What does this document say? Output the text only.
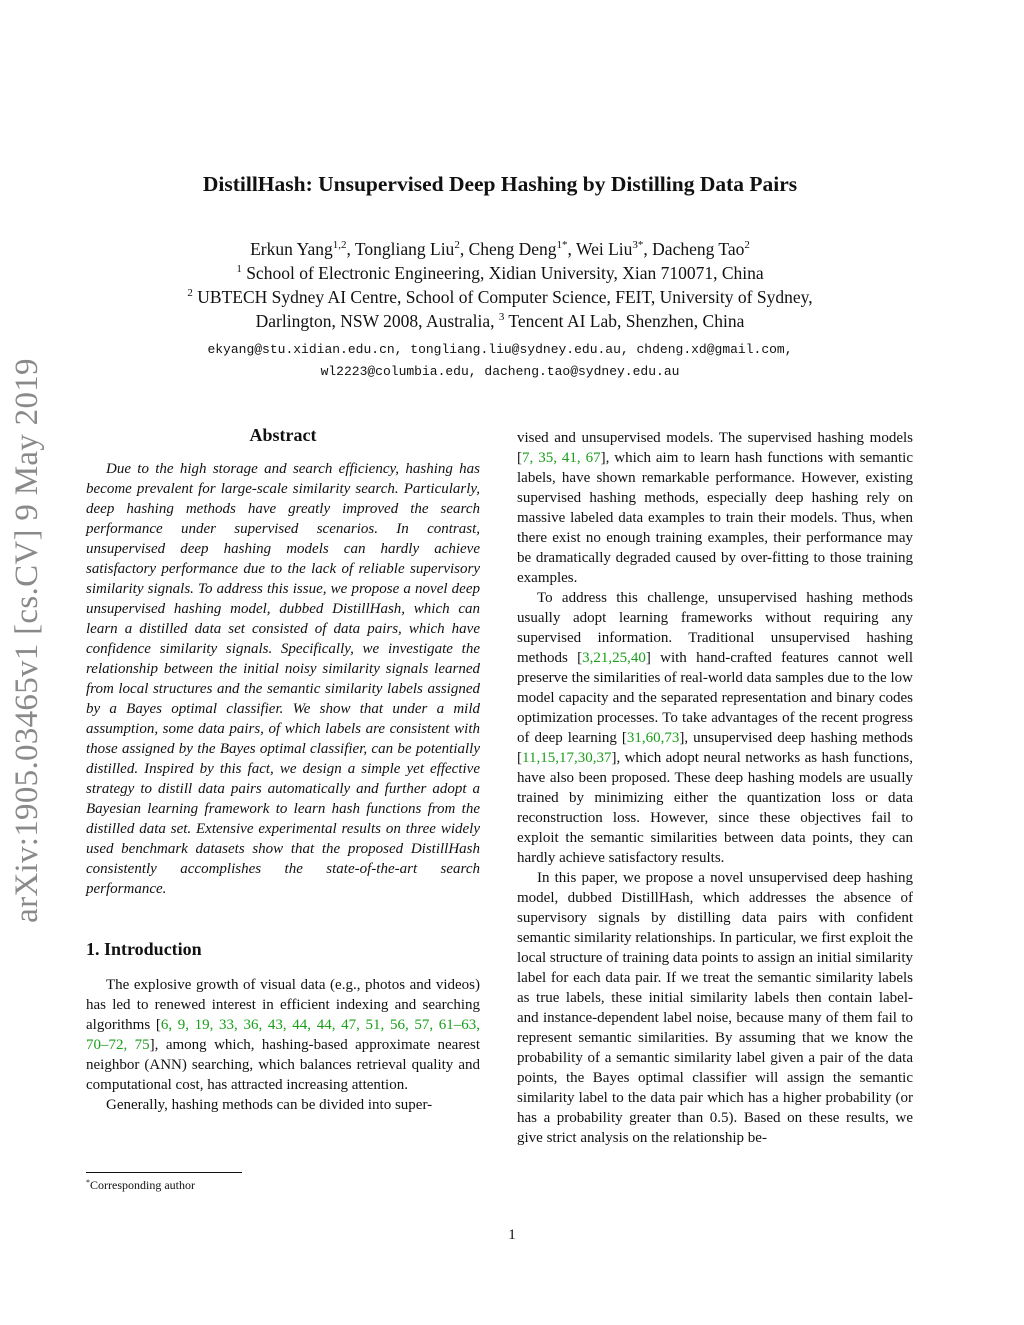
arXiv:1905.03465v1 [cs.CV] 9 May 2019
DistillHash: Unsupervised Deep Hashing by Distilling Data Pairs
Erkun Yang$^{1,2}$, Tongliang Liu$^2$, Cheng Deng$^{1*}$, Wei Liu$^{3*}$, Dacheng Tao$^2$
$^1$ School of Electronic Engineering, Xidian University, Xian 710071, China
$^2$ UBTECH Sydney AI Centre, School of Computer Science, FEIT, University of Sydney,
Darlington, NSW 2008, Australia, $^3$ Tencent AI Lab, Shenzhen, China
ekyang@stu.xidian.edu.cn, tongliang.liu@sydney.edu.au, chdeng.xd@gmail.com,
wl2223@columbia.edu, dacheng.tao@sydney.edu.au
Abstract

Due to the high storage and search efficiency, hashing has become prevalent for large-scale similarity search. Particularly, deep hashing methods have greatly improved the search performance under supervised scenarios. In contrast, unsupervised deep hashing models can hardly achieve satisfactory performance due to the lack of reliable supervisory similarity signals. To address this issue, we propose a novel deep unsupervised hashing model, dubbed DistillHash, which can learn a distilled data set consisted of data pairs, which have confidence similarity signals. Specifically, we investigate the relationship between the initial noisy similarity signals learned from local structures and the semantic similarity labels assigned by a Bayes optimal classifier. We show that under a mild assumption, some data pairs, of which labels are consistent with those assigned by the Bayes optimal classifier, can be potentially distilled. Inspired by this fact, we design a simple yet effective strategy to distill data pairs automatically and further adopt a Bayesian learning framework to learn hash functions from the distilled data set. Extensive experimental results on three widely used benchmark datasets show that the proposed DistillHash consistently accomplishes the state-of-the-art search performance.

1. Introduction

The explosive growth of visual data (e.g., photos and videos) has led to renewed interest in efficient indexing and searching algorithms [6, 9, 19, 33, 36, 43, 44, 44, 47, 51, 56, 57, 61–63, 70–72, 75], among which, hashing-based approximate nearest neighbor (ANN) searching, which balances retrieval quality and computational cost, has attracted increasing attention.

Generally, hashing methods can be divided into super-

vised and unsupervised models. The supervised hashing models [7, 35, 41, 67], which aim to learn hash functions with semantic labels, have shown remarkable performance. However, existing supervised hashing methods, especially deep hashing rely on massive labeled data examples to train their models. Thus, when there exist no enough training examples, their performance may be dramatically degraded caused by over-fitting to those training examples.

To address this challenge, unsupervised hashing methods usually adopt learning frameworks without requiring any supervised information. Traditional unsupervised hashing methods [3,21,25,40] with hand-crafted features cannot well preserve the similarities of real-world data samples due to the low model capacity and the separated representation and binary codes optimization processes. To take advantages of the recent progress of deep learning [31,60,73], unsupervised deep hashing methods [11,15,17,30,37], which adopt neural networks as hash functions, have also been proposed. These deep hashing models are usually trained by minimizing either the quantization loss or data reconstruction loss. However, since these objectives fail to exploit the semantic similarities between data points, they can hardly achieve satisfactory results.

In this paper, we propose a novel unsupervised deep hashing model, dubbed DistillHash, which addresses the absence of supervisory signals by distilling data pairs with confident semantic similarity relationships. In particular, we first exploit the local structure of training data points to assign an initial similarity label for each data pair. If we treat the semantic similarity labels as true labels, these initial similarity labels then contain label- and instance-dependent label noise, because many of them fail to represent semantic similarities. By assuming that we know the probability of a semantic similarity label given a pair of the data points, the Bayes optimal classifier will assign the semantic similarity label to the data pair which has a higher probability (or has a probability greater than 0.5). Based on these results, we give strict analysis on the relationship be-

*Corresponding author
1
